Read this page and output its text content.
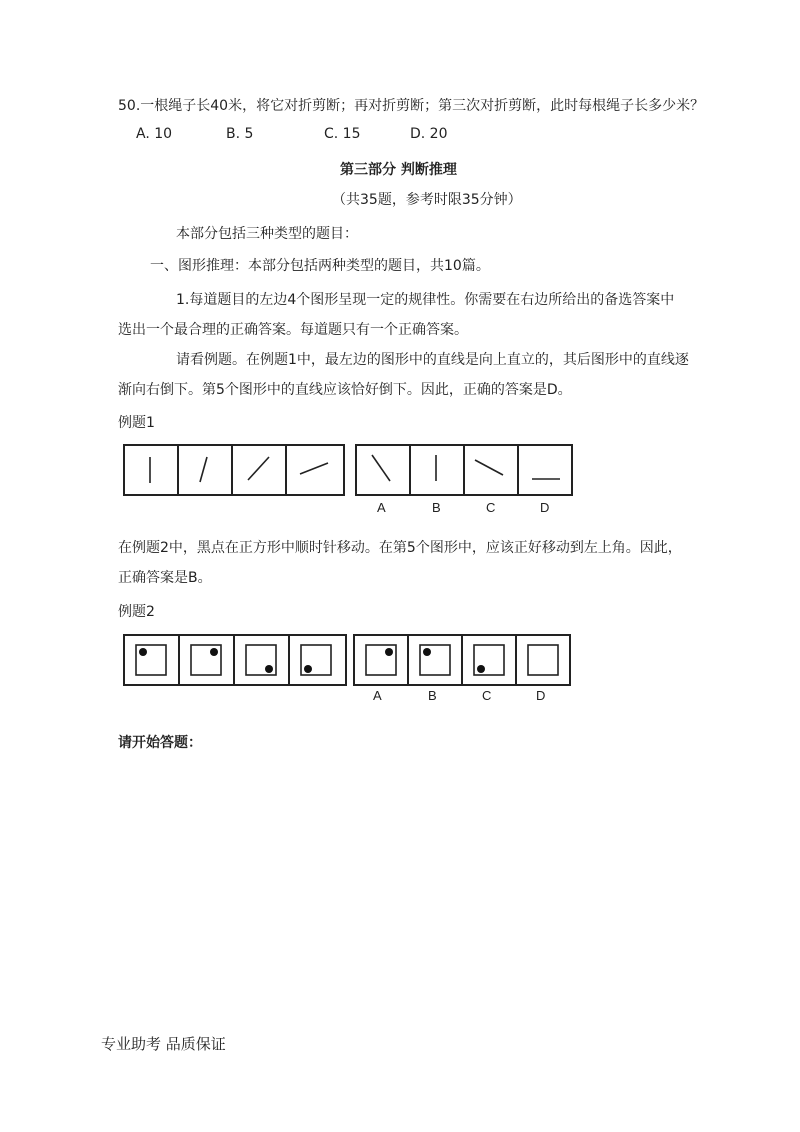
50.一根绳子长40米，将它对折剪断；再对折剪断；第三次对折剪断，此时每根绳子长多少米？
A. 10	B. 5	C. 15	D. 20
第三部分 判断推理
（共35题，参考时限35分钟）
本部分包括三种类型的题目：
一、图形推理：本部分包括两种类型的题目，共10篇。
1.每道题目的左边4个图形呈现一定的规律性。你需要在右边所给出的备选答案中
选出一个最合理的正确答案。每道题只有一个正确答案。
请看例题。在例题1中，最左边的图形中的直线是向上直立的，其后图形中的直线逐
渐向右倒下。第5个图形中的直线应该恰好倒下。因此，正确的答案是D。
例题1
A	B	C	D
在例题2中，黑点在正方形中顺时针移动。在第5个图形中，应该正好移动到左上角。因此，
正确答案是B。
例题2
A	B	C	D
请开始答题：
专业助考 品质保证
